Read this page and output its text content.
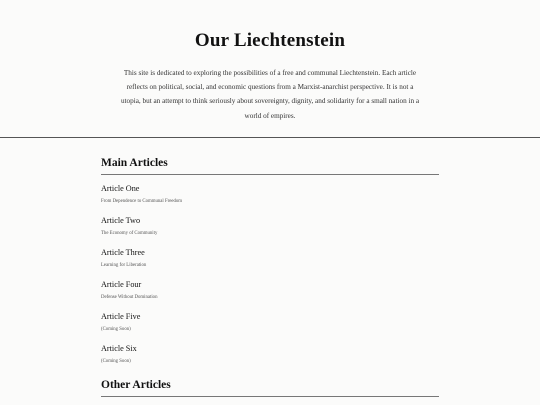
Our Liechtenstein

This site is dedicated to exploring the possibilities of a free and communal Liechtenstein. Each article reflects on political, social, and economic questions from a Marxist-anarchist perspective. It is not a utopia, but an attempt to think seriously about sovereignty, dignity, and solidarity for a small nation in a world of empires.

Main Articles
Article One
From Dependence to Communal Freedom
Article Two
The Economy of Community
Article Three
Learning for Liberation
Article Four
Defense Without Domination
Article Five
(Coming Soon)
Article Six
(Coming Soon)
Other Articles
